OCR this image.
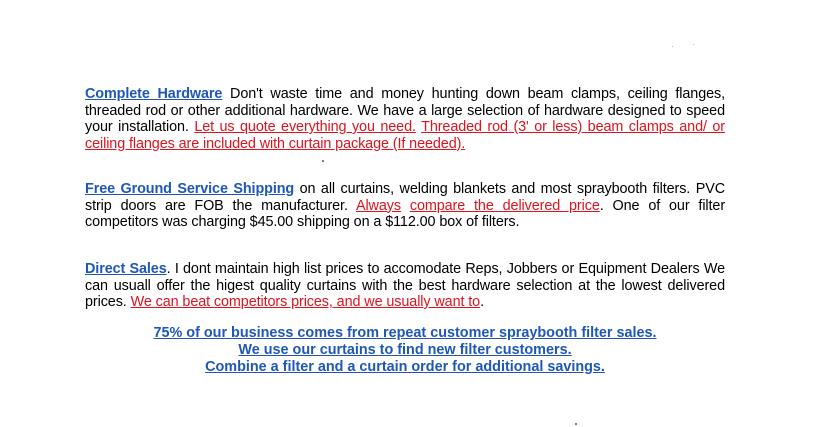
Complete Hardware Don't waste time and money hunting down beam clamps, ceiling flanges, threaded rod or other additional hardware. We have a large selection of hardware designed to speed your installation. Let us quote everything you need. Threaded rod (3' or less) beam clamps and/ or ceiling flanges are included with curtain package (If needed).
Free Ground Service Shipping on all curtains, welding blankets and most spraybooth filters. PVC strip doors are FOB the manufacturer. Always compare the delivered price. One of our filter competitors was charging $45.00 shipping on a $112.00 box of filters.
Direct Sales. I dont maintain high list prices to accomodate Reps, Jobbers or Equipment Dealers We can usuall offer the higest quality curtains with the best hardware selection at the lowest delivered prices. We can beat competitors prices, and we usually want to.
75% of our business comes from repeat customer spraybooth filter sales.
We use our curtains to find new filter customers.
Combine a filter and a curtain order for additional savings.
